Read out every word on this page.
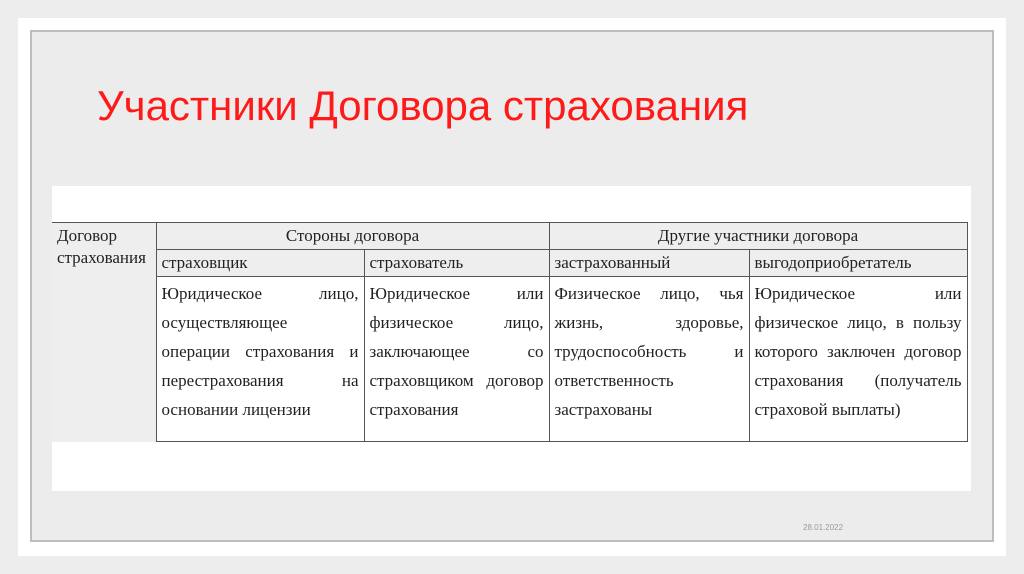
Участники Договора страхования
Договор страхования	Стороны договора		Другие участники договора	
	страховщик	страхователь	застрахованный	выгодоприобретатель
	Юридическое лицо, осуществляющее операции страхования и перестрахования на основании лицензии	Юридическое или физическое лицо, заключающее со страховщиком договор страхования	Физическое лицо, чья жизнь, здоровье, трудоспособность и ответственность застрахованы	Юридическое или физическое лицо, в пользу которого заключен договор страхования (получатель страховой выплаты)
28.01.2022
